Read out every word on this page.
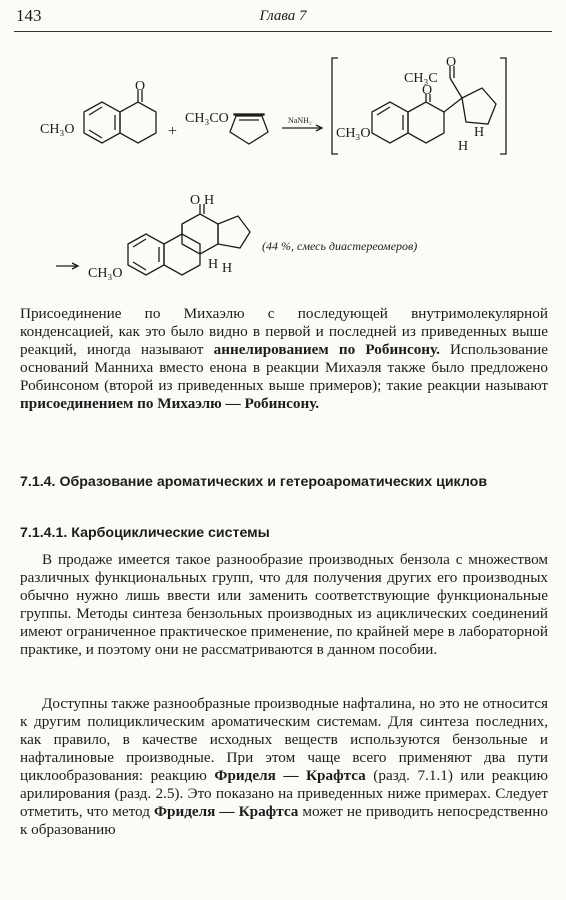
143	Глава 7
CH₃O
O
+
CH₃CO	NaNH₂
CH₃C
O
O
CH₃O	H
H
O H
H H
CH₃O
(44 %, смесь диастереомеров)

Присоединение по Михаэлю с последующей внутримолекулярной конденсацией, как это было видно в первой и последней из приведенных выше реакций, иногда называют аннелированием по Робинсону. Использование оснований Манниха вместо енона в реакции Михаэля также было предложено Робинсоном (второй из приведенных выше примеров); такие реакции называют присоединением по Михаэлю — Робинсону.

7.1.4. Образование ароматических и гетероароматических циклов
7.1.4.1. Карбоциклические системы

В продаже имеется такое разнообразие производных бензола с множеством различных функциональных групп, что для получения других его производных обычно нужно лишь ввести или заменить соответствующие функциональные группы. Методы синтеза бензольных производных из ациклических соединений имеют ограниченное практическое применение, по крайней мере в лабораторной практике, и поэтому они не рассматриваются в данном пособии.

Доступны также разнообразные производные нафталина, но это не относится к другим полициклическим ароматическим системам. Для синтеза последних, как правило, в качестве исходных веществ используются бензольные и нафталиновые производные. При этом чаще всего применяют два пути циклообразования: реакцию Фриделя — Крафтса (разд. 7.1.1) или реакцию арилирования (разд. 2.5). Это показано на приведенных ниже примерах. Следует отметить, что метод Фриделя — Крафтса может не приводить непосредственно к образованию
